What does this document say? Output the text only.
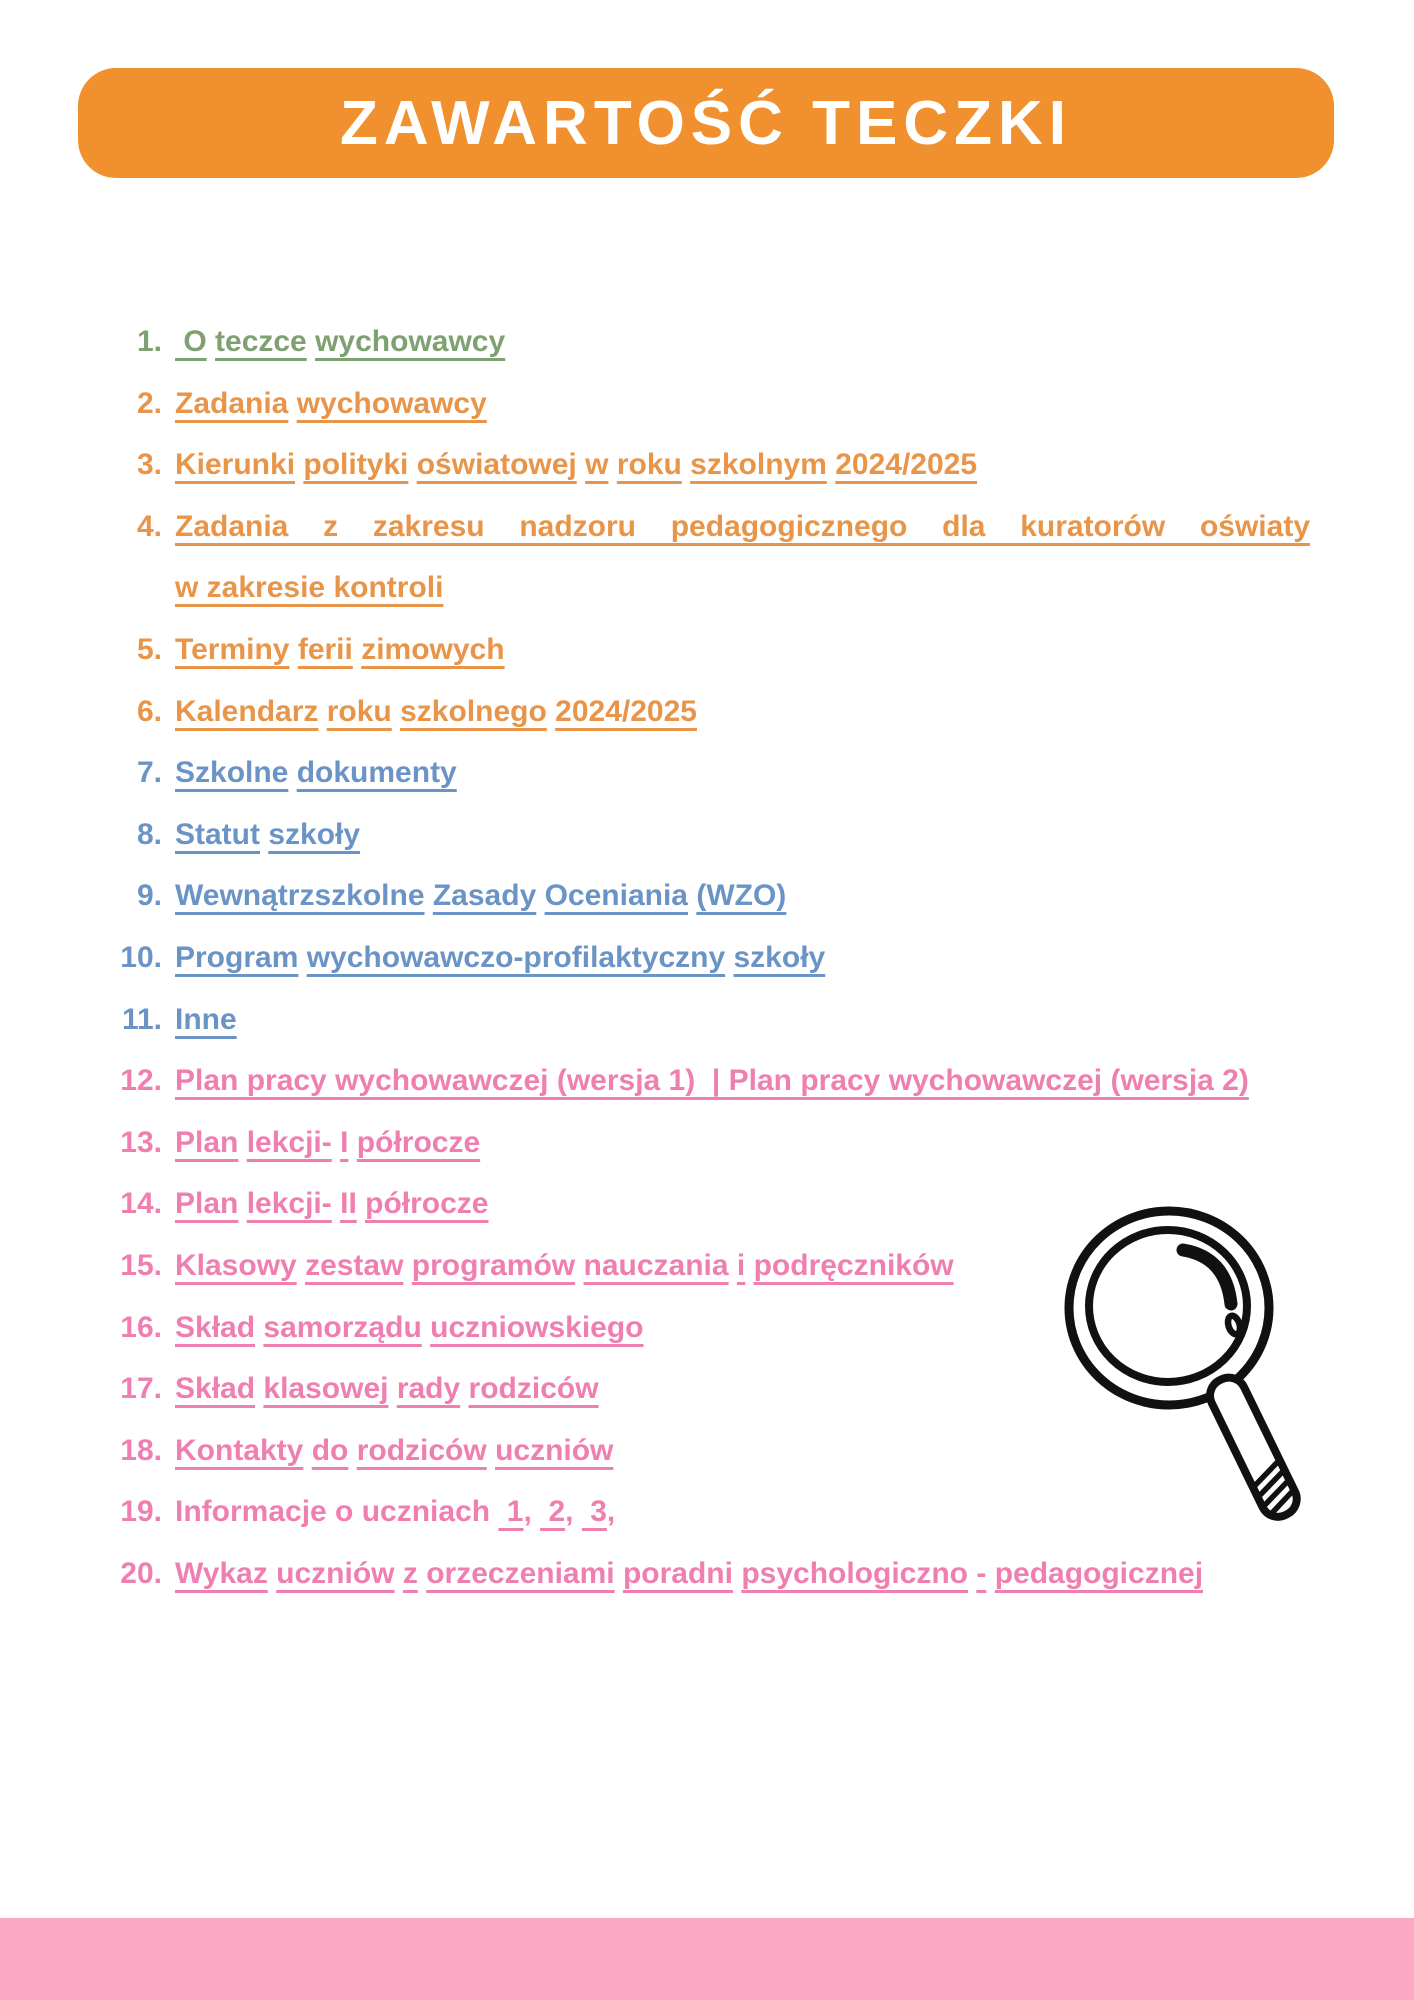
ZAWARTOŚĆ TECZKI
1. O teczce wychowawcy
2. Zadania wychowawcy
3. Kierunki polityki oświatowej w roku szkolnym 2024/2025
4. Zadania z zakresu nadzoru pedagogicznego dla kuratorów oświaty
w zakresie kontroli
5. Terminy ferii zimowych
6. Kalendarz roku szkolnego 2024/2025
7. Szkolne dokumenty
8. Statut szkoły
9. Wewnątrzszkolne Zasady Oceniania (WZO)
10. Program wychowawczo-profilaktyczny szkoły
11. Inne
12. Plan pracy wychowawczej (wersja 1)  | Plan pracy wychowawczej (wersja 2)
13. Plan lekcji- I półrocze
14. Plan lekcji- II półrocze
15. Klasowy zestaw programów nauczania i podręczników
16. Skład samorządu uczniowskiego
17. Skład klasowej rady rodziców
18. Kontakty do rodziców uczniów
19. Informacje o uczniach  1,  2,  3,
20. Wykaz uczniów z orzeczeniami poradni psychologiczno - pedagogicznej
